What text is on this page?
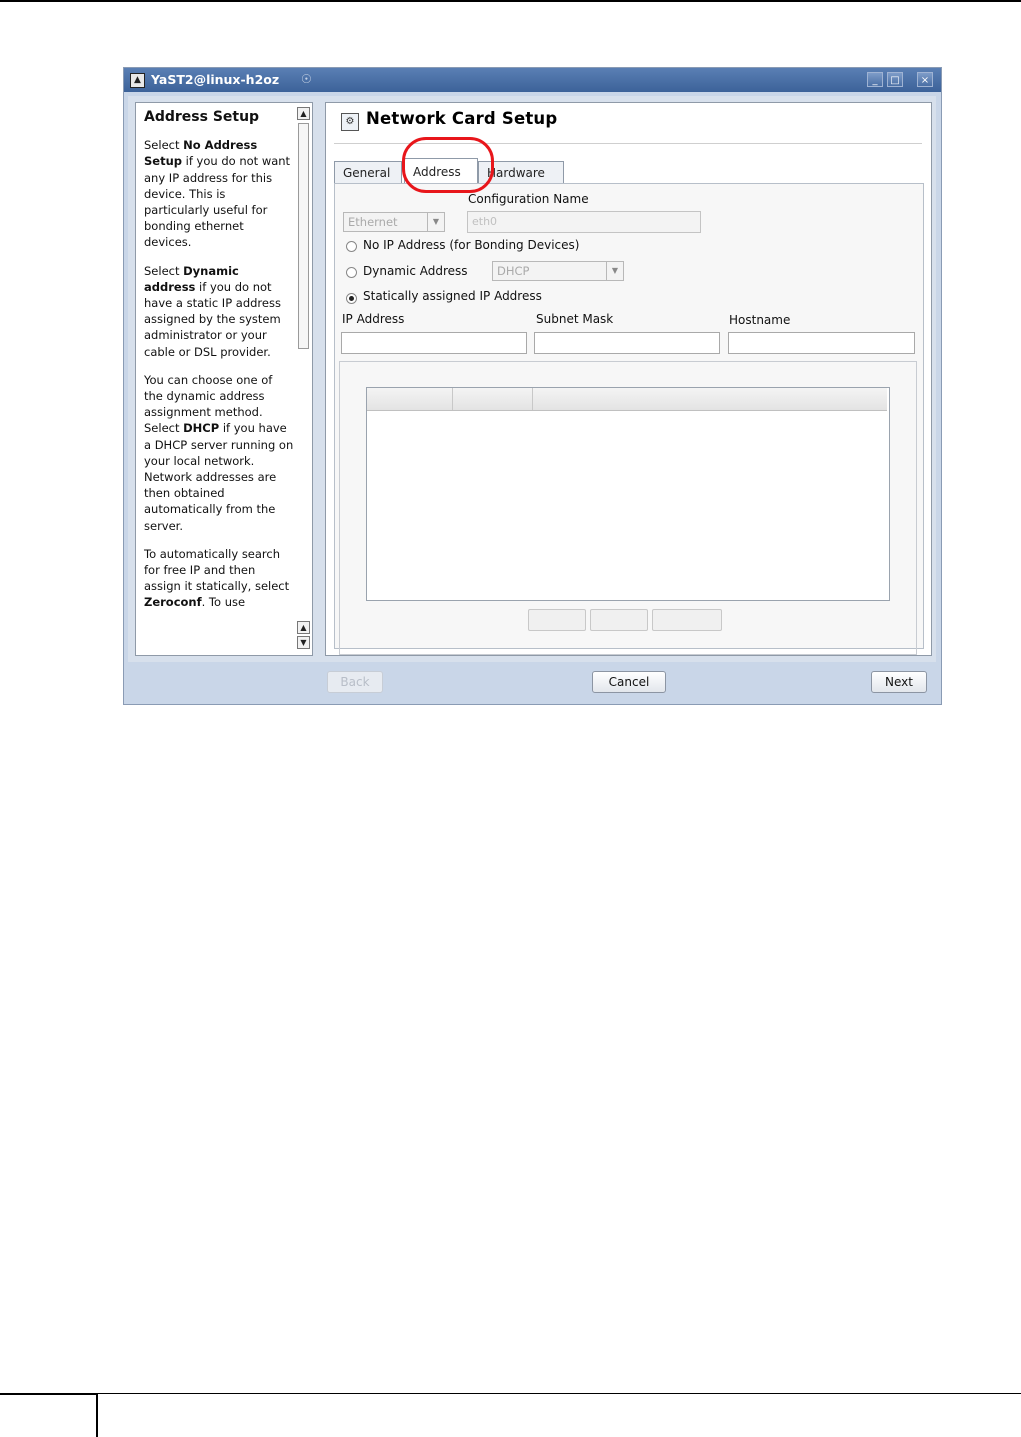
▲ YaST2@linux-h2oz ☉	_	□	×
Address Setup

Select No Address Setup if you do not want any IP address for this device. This is particularly useful for bonding ethernet devices.

Select Dynamic address if you do not have a static IP address assigned by the system administrator or your cable or DSL provider.

You can choose one of the dynamic address assignment method. Select DHCP if you have a DHCP server running on your local network. Network addresses are then obtained automatically from the server.

To automatically search for free IP and then assign it statically, select Zeroconf. To use

▲
▲
▼
⚙ Network Card Setup
General	Address	Hardware
Ethernet	▼
Configuration Name
eth0
No IP Address (for Bonding Devices)
Dynamic Address	DHCP	▼
Statically assigned IP Address
IP Address	Subnet Mask	Hostname
Back	Cancel	Next
